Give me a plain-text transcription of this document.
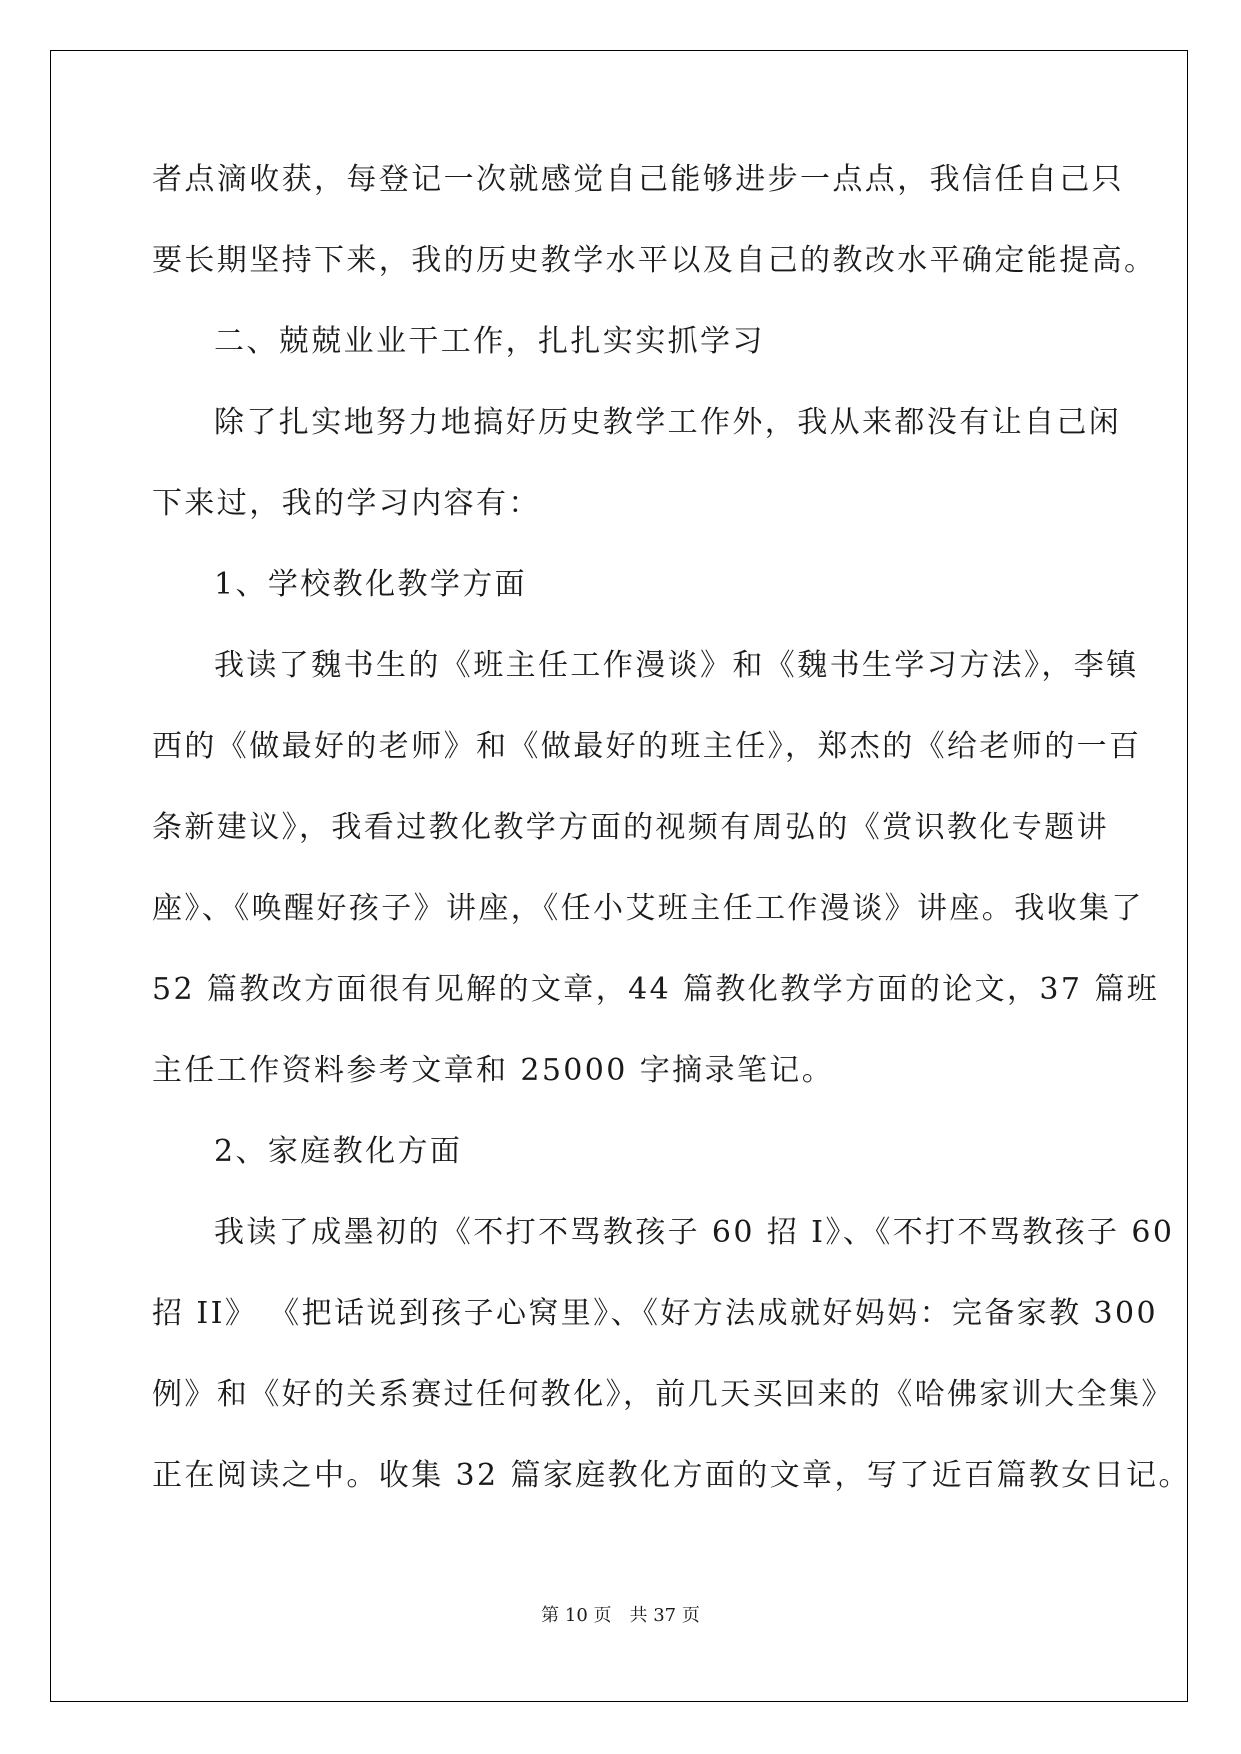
者点滴收获，每登记一次就感觉自己能够进步一点点，我信任自己只
要长期坚持下来，我的历史教学水平以及自己的教改水平确定能提高。
二、兢兢业业干工作，扎扎实实抓学习
除了扎实地努力地搞好历史教学工作外，我从来都没有让自己闲
下来过，我的学习内容有：
1、学校教化教学方面
我读了魏书生的《班主任工作漫谈》和《魏书生学习方法》，李镇
西的《做最好的老师》和《做最好的班主任》，郑杰的《给老师的一百
条新建议》，我看过教化教学方面的视频有周弘的《赏识教化专题讲
座》、《唤醒好孩子》讲座，《任小艾班主任工作漫谈》讲座。我收集了
52 篇教改方面很有见解的文章，44 篇教化教学方面的论文，37 篇班
主任工作资料参考文章和 25000 字摘录笔记。
2、家庭教化方面
我读了成墨初的《不打不骂教孩子 60 招 I》、《不打不骂教孩子 60
招 II》 《把话说到孩子心窝里》、《好方法成就好妈妈：完备家教 300
例》和《好的关系赛过任何教化》，前几天买回来的《哈佛家训大全集》
正在阅读之中。收集 32 篇家庭教化方面的文章，写了近百篇教女日记。
第 10 页　共 37 页
